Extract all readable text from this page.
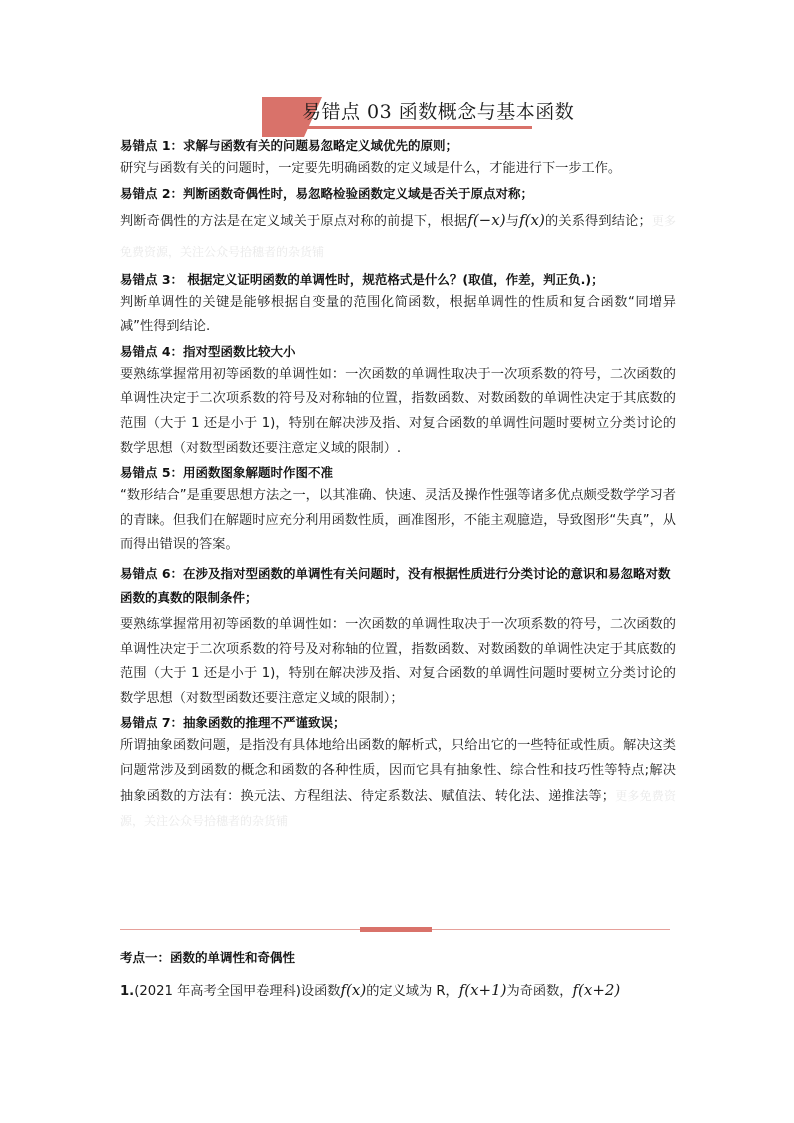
易错点 03 函数概念与基本函数

易错点 1：求解与函数有关的问题易忽略定义域优先的原则；

研究与函数有关的问题时，一定要先明确函数的定义域是什么，才能进行下一步工作。

易错点 2：判断函数奇偶性时，易忽略检验函数定义域是否关于原点对称；

判断奇偶性的方法是在定义域关于原点对称的前提下，根据f(−x)与f(x)的关系得到结论；更多免费资源，关注公众号拾穗者的杂货铺

易错点 3： 根据定义证明函数的单调性时，规范格式是什么？(取值，作差，判正负.)；

判断单调性的关键是能够根据自变量的范围化简函数，根据单调性的性质和复合函数“同增异减”性得到结论.

易错点 4：指对型函数比较大小

要熟练掌握常用初等函数的单调性如：一次函数的单调性取决于一次项系数的符号，二次函数的单调性决定于二次项系数的符号及对称轴的位置，指数函数、对数函数的单调性决定于其底数的范围（大于 1 还是小于 1)，特别在解决涉及指、对复合函数的单调性问题时要树立分类讨论的数学思想（对数型函数还要注意定义域的限制）.

易错点 5：用函数图象解题时作图不准

“数形结合”是重要思想方法之一，以其准确、快速、灵活及操作性强等诸多优点颇受数学学习者的青睐。但我们在解题时应充分利用函数性质，画准图形，不能主观臆造，导致图形“失真”，从而得出错误的答案。

易错点 6：在涉及指对型函数的单调性有关问题时，没有根据性质进行分类讨论的意识和易忽略对数函数的真数的限制条件；

要熟练掌握常用初等函数的单调性如：一次函数的单调性取决于一次项系数的符号，二次函数的单调性决定于二次项系数的符号及对称轴的位置，指数函数、对数函数的单调性决定于其底数的范围（大于 1 还是小于 1)，特别在解决涉及指、对复合函数的单调性问题时要树立分类讨论的数学思想（对数型函数还要注意定义域的限制）；

易错点 7：抽象函数的推理不严谨致误；

所谓抽象函数问题，是指没有具体地给出函数的解析式，只给出它的一些特征或性质。解决这类问题常涉及到函数的概念和函数的各种性质，因而它具有抽象性、综合性和技巧性等特点;解决抽象函数的方法有：换元法、方程组法、待定系数法、赋值法、转化法、递推法等；更多免费资源，关注公众号拾穗者的杂货铺

考点一：函数的单调性和奇偶性
1.(2021 年高考全国甲卷理科)设函数f(x)的定义域为 R，f(x+1)为奇函数，f(x+2)
